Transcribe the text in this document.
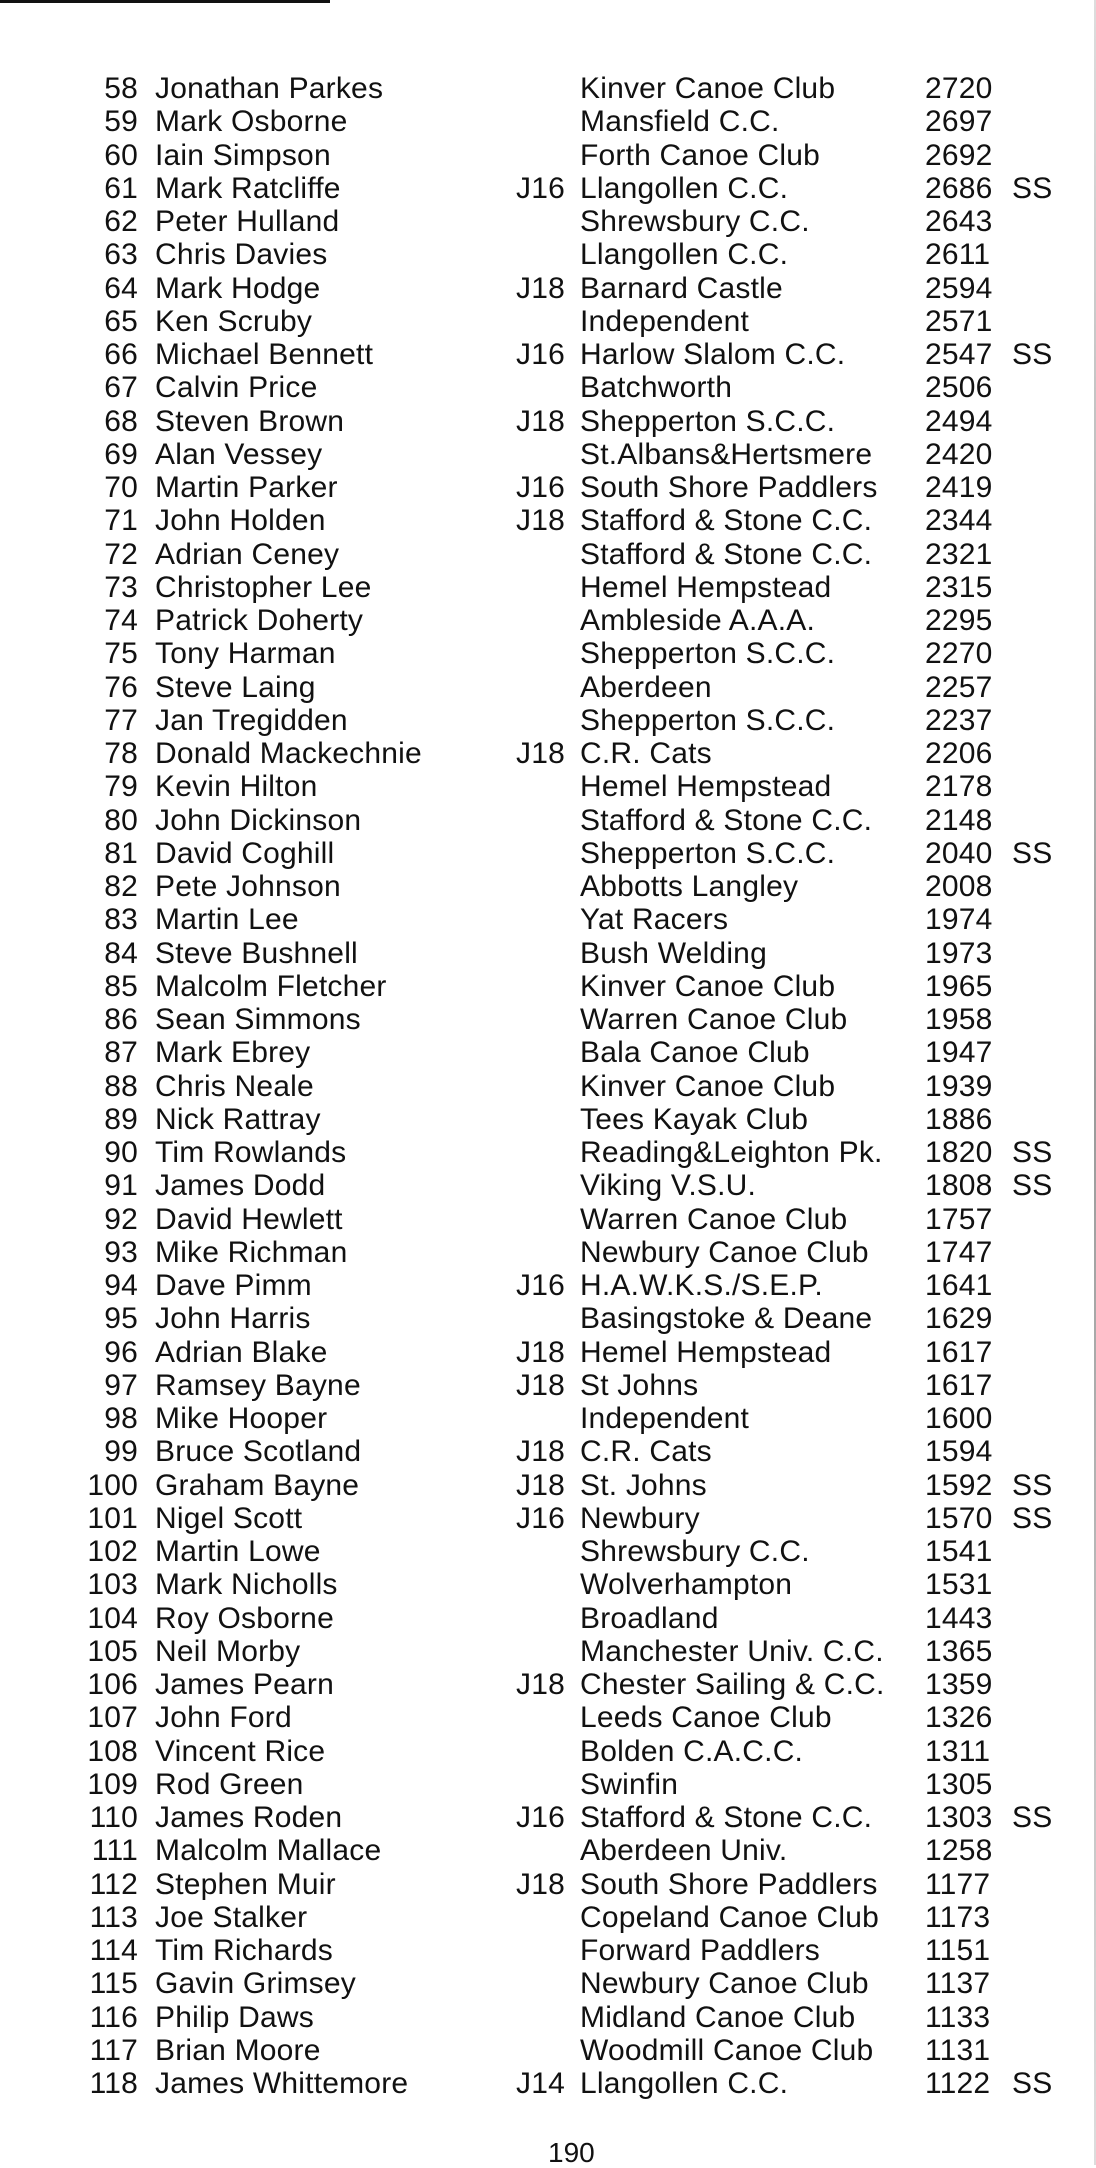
58 Jonathan Parkes	Kinver Canoe Club	2720
59 Mark Osborne	Mansfield C.C.	2697
60 Iain Simpson	Forth Canoe Club	2692
61 Mark Ratcliffe	J16 Llangollen C.C.	2686 SS
62 Peter Hulland	Shrewsbury C.C.	2643
63 Chris Davies	Llangollen C.C.	2611
64 Mark Hodge	J18 Barnard Castle	2594
65 Ken Scruby	Independent	2571
66 Michael Bennett	J16 Harlow Slalom C.C.	2547 SS
67 Calvin Price	Batchworth	2506
68 Steven Brown	J18 Shepperton S.C.C.	2494
69 Alan Vessey	St.Albans&Hertsmere 2420
70 Martin Parker	J16 South Shore Paddlers 2419
71 John Holden	J18 Stafford & Stone C.C. 2344
72 Adrian Ceney	Stafford & Stone C.C. 2321
73 Christopher Lee	Hemel Hempstead	2315
74 Patrick Doherty	Ambleside A.A.A.	2295
75 Tony Harman	Shepperton S.C.C.	2270
76 Steve Laing	Aberdeen	2257
77 Jan Tregidden	Shepperton S.C.C.	2237
78 Donald Mackechnie	J18 C.R. Cats	2206
79 Kevin Hilton	Hemel Hempstead	2178
80 John Dickinson	Stafford & Stone C.C. 2148
81 David Coghill	Shepperton S.C.C.	2040 SS
82 Pete Johnson	Abbotts Langley	2008
83 Martin Lee	Yat Racers	1974
84 Steve Bushnell	Bush Welding	1973
85 Malcolm Fletcher	Kinver Canoe Club	1965
86 Sean Simmons	Warren Canoe Club	1958
87 Mark Ebrey	Bala Canoe Club	1947
88 Chris Neale	Kinver Canoe Club	1939
89 Nick Rattray	Tees Kayak Club	1886
90 Tim Rowlands	Reading&Leighton Pk. 1820 SS
91 James Dodd	Viking V.S.U.	1808 SS
92 David Hewlett	Warren Canoe Club	1757
93 Mike Richman	Newbury Canoe Club 1747
94 Dave Pimm	J16 H.A.W.K.S./S.E.P.	1641
95 John Harris	Basingstoke & Deane 1629
96 Adrian Blake	J18 Hemel Hempstead	1617
97 Ramsey Bayne	J18 St Johns	1617
98 Mike Hooper	Independent	1600
99 Bruce Scotland	J18 C.R. Cats	1594
100 Graham Bayne	J18 St. Johns	1592 SS
101 Nigel Scott	J16 Newbury	1570 SS
102 Martin Lowe	Shrewsbury C.C.	1541
103 Mark Nicholls	Wolverhampton	1531
104 Roy Osborne	Broadland	1443
105 Neil Morby	Manchester Univ. C.C. 1365
106 James Pearn	J18 Chester Sailing & C.C. 1359
107 John Ford	Leeds Canoe Club	1326
108 Vincent Rice	Bolden C.A.C.C.	1311
109 Rod Green	Swinfin	1305
110 James Roden	J16 Stafford & Stone C.C. 1303 SS
111 Malcolm Mallace	Aberdeen Univ.	1258
112 Stephen Muir	J18 South Shore Paddlers 1177
113 Joe Stalker	Copeland Canoe Club 1173
114 Tim Richards	Forward Paddlers	1151
115 Gavin Grimsey	Newbury Canoe Club 1137
116 Philip Daws	Midland Canoe Club 1133
117 Brian Moore	Woodmill Canoe Club 1131
118 James Whittemore	J14 Llangollen C.C.	1122 SS
190
